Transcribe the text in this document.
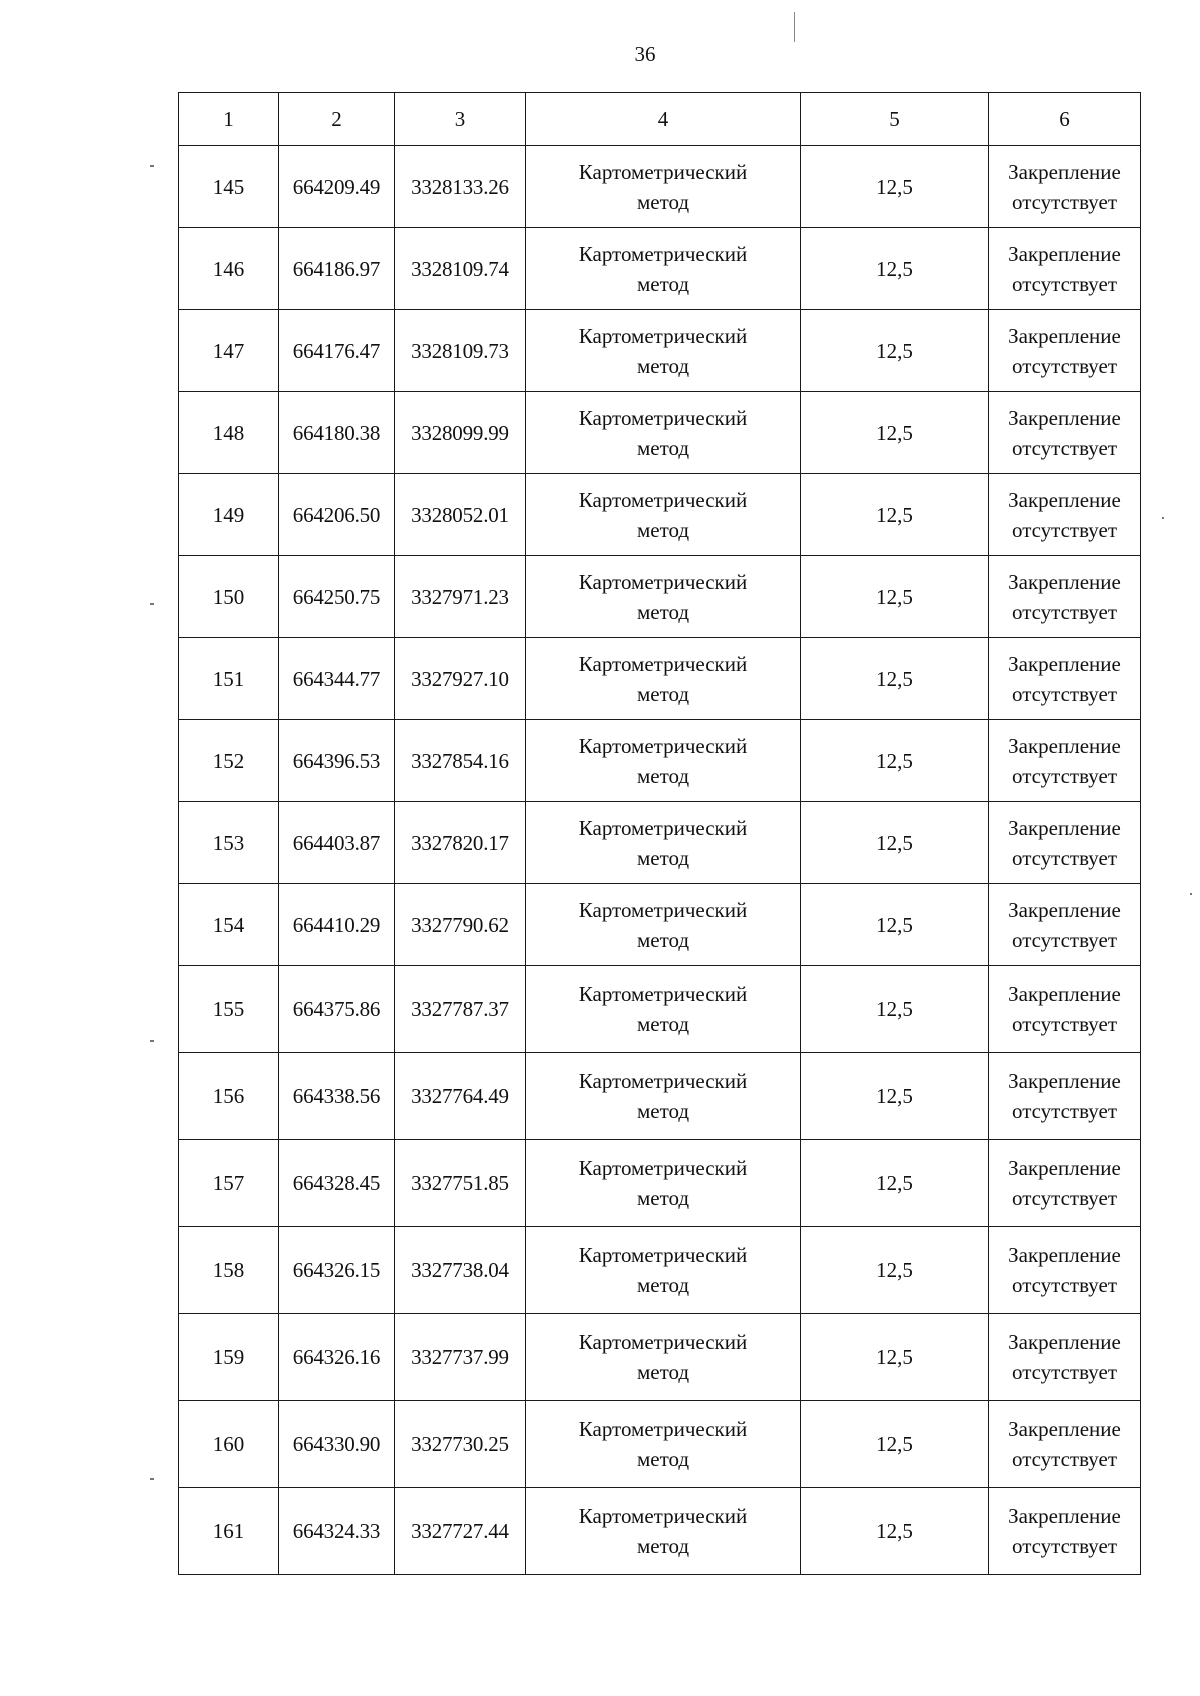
36
1	2	3	4	5	6
145	664209.49	3328133.26	Картометрический
метод	12,5	Закрепление
отсутствует

146	664186.97	3328109.74	Картометрический
метод	12,5	Закрепление
отсутствует

147	664176.47	3328109.73	Картометрический
метод	12,5	Закрепление
отсутствует

148	664180.38	3328099.99	Картометрический
метод	12,5	Закрепление
отсутствует

149	664206.50	3328052.01	Картометрический
метод	12,5	Закрепление
отсутствует

150	664250.75	3327971.23	Картометрический
метод	12,5	Закрепление
отсутствует

151	664344.77	3327927.10	Картометрический
метод	12,5	Закрепление
отсутствует

152	664396.53	3327854.16	Картометрический
метод	12,5	Закрепление
отсутствует

153	664403.87	3327820.17	Картометрический
метод	12,5	Закрепление
отсутствует

154	664410.29	3327790.62	Картометрический
метод	12,5	Закрепление
отсутствует

155	664375.86	3327787.37	Картометрический
метод	12,5	Закрепление
отсутствует

156	664338.56	3327764.49	Картометрический
метод	12,5	Закрепление
отсутствует

157	664328.45	3327751.85	Картометрический
метод	12,5	Закрепление
отсутствует

158	664326.15	3327738.04	Картометрический
метод	12,5	Закрепление
отсутствует

159	664326.16	3327737.99	Картометрический
метод	12,5	Закрепление
отсутствует

160	664330.90	3327730.25	Картометрический
метод	12,5	Закрепление
отсутствует

161	664324.33	3327727.44	Картометрический
метод	12,5	Закрепление
отсутствует
